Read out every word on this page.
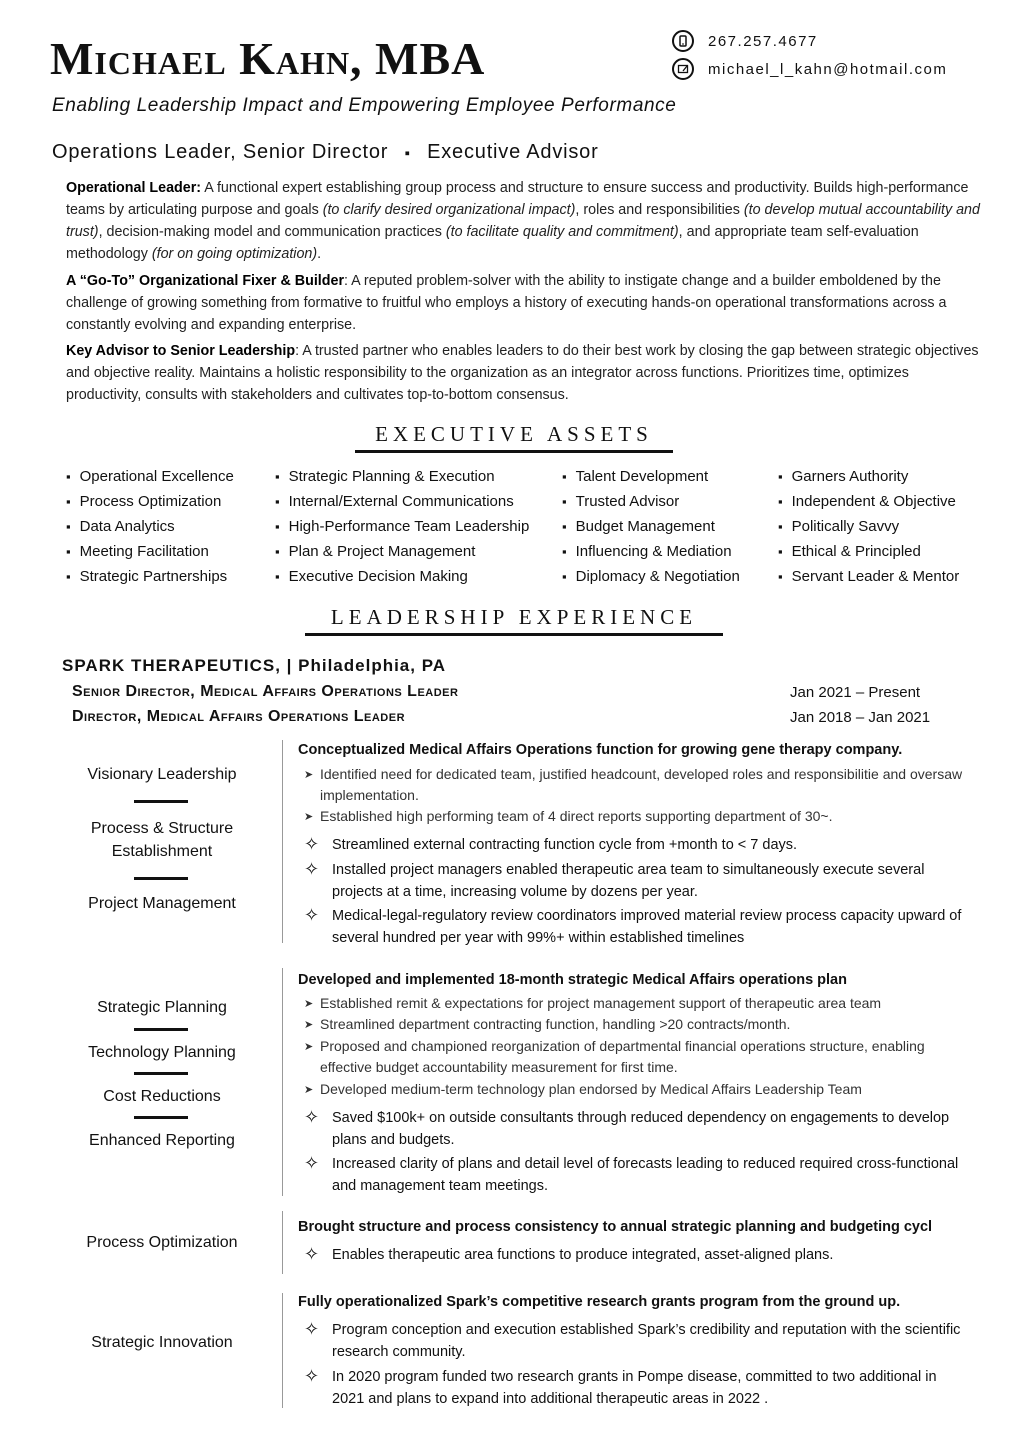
Michael Kahn, MBA	267.257.4677
michael_l_kahn@hotmail.com
Enabling Leadership Impact and Empowering Employee Performance
Operations Leader, Senior Director ▪ Executive Advisor
Operational Leader: A functional expert establishing group process and structure to ensure success and productivity. Builds high-performance teams by articulating purpose and goals (to clarify desired organizational impact), roles and responsibilities (to develop mutual accountability and trust), decision-making model and communication practices (to facilitate quality and commitment), and appropriate team self-evaluation methodology (for on going optimization).
A “Go-To” Organizational Fixer & Builder: A reputed problem-solver with the ability to instigate change and a builder emboldened by the challenge of growing something from formative to fruitful who employs a history of executing hands-on operational transformations across a constantly evolving and expanding enterprise.
Key Advisor to Senior Leadership: A trusted partner who enables leaders to do their best work by closing the gap between strategic objectives and objective reality. Maintains a holistic responsibility to the organization as an integrator across functions. Prioritizes time, optimizes productivity, consults with stakeholders and cultivates top-to-bottom consensus.
EXECUTIVE ASSETS
▪ Operational Excellence
▪ Process Optimization
▪ Data Analytics
▪ Meeting Facilitation
▪ Strategic Partnerships
▪ Strategic Planning & Execution
▪ Internal/External Communications
▪ High-Performance Team Leadership
▪ Plan & Project Management
▪ Executive Decision Making
▪ Talent Development
▪ Trusted Advisor
▪ Budget Management
▪ Influencing & Mediation
▪ Diplomacy & Negotiation
▪ Garners Authority
▪ Independent & Objective
▪ Politically Savvy
▪ Ethical & Principled
▪ Servant Leader & Mentor
LEADERSHIP EXPERIENCE
SPARK THERAPEUTICS, | Philadelphia, PA
Senior Director, Medical Affairs Operations Leader	Jan 2021 – Present
Director, Medical Affairs Operations Leader	Jan 2018 – Jan 2021
Visionary Leadership
Process & Structure Establishment
Project Management
Strategic Planning
Technology Planning
Cost Reductions
Enhanced Reporting
Process Optimization
Strategic Innovation
Conceptualized Medical Affairs Operations function for growing gene therapy company.
➤ Identified need for dedicated team, justified headcount, developed roles and responsibilitie and oversaw implementation.
➤ Established high performing team of 4 direct reports supporting department of 30~.
✧ Streamlined external contracting function cycle from +month to < 7 days.
✧ Installed project managers enabled therapeutic area team to simultaneously execute several projects at a time, increasing volume by dozens per year.
✧ Medical-legal-regulatory review coordinators improved material review process capacity upward of several hundred per year with 99%+ within established timelines
Developed and implemented 18-month strategic Medical Affairs operations plan
➤ Established remit & expectations for project management support of therapeutic area team
➤ Streamlined department contracting function, handling >20 contracts/month.
➤ Proposed and championed reorganization of departmental financial operations structure, enabling effective budget accountability measurement for first time.
➤ Developed medium-term technology plan endorsed by Medical Affairs Leadership Team
✧ Saved $100k+ on outside consultants through reduced dependency on engagements to develop plans and budgets.
✧ Increased clarity of plans and detail level of forecasts leading to reduced required cross-functional and management team meetings.
Brought structure and process consistency to annual strategic planning and budgeting cycl
✧ Enables therapeutic area functions to produce integrated, asset-aligned plans.
Fully operationalized Spark’s competitive research grants program from the ground up.
✧ Program conception and execution established Spark’s credibility and reputation with the scientific research community.
✧ In 2020 program funded two research grants in Pompe disease, committed to two additional in 2021 and plans to expand into additional therapeutic areas in 2022 .
